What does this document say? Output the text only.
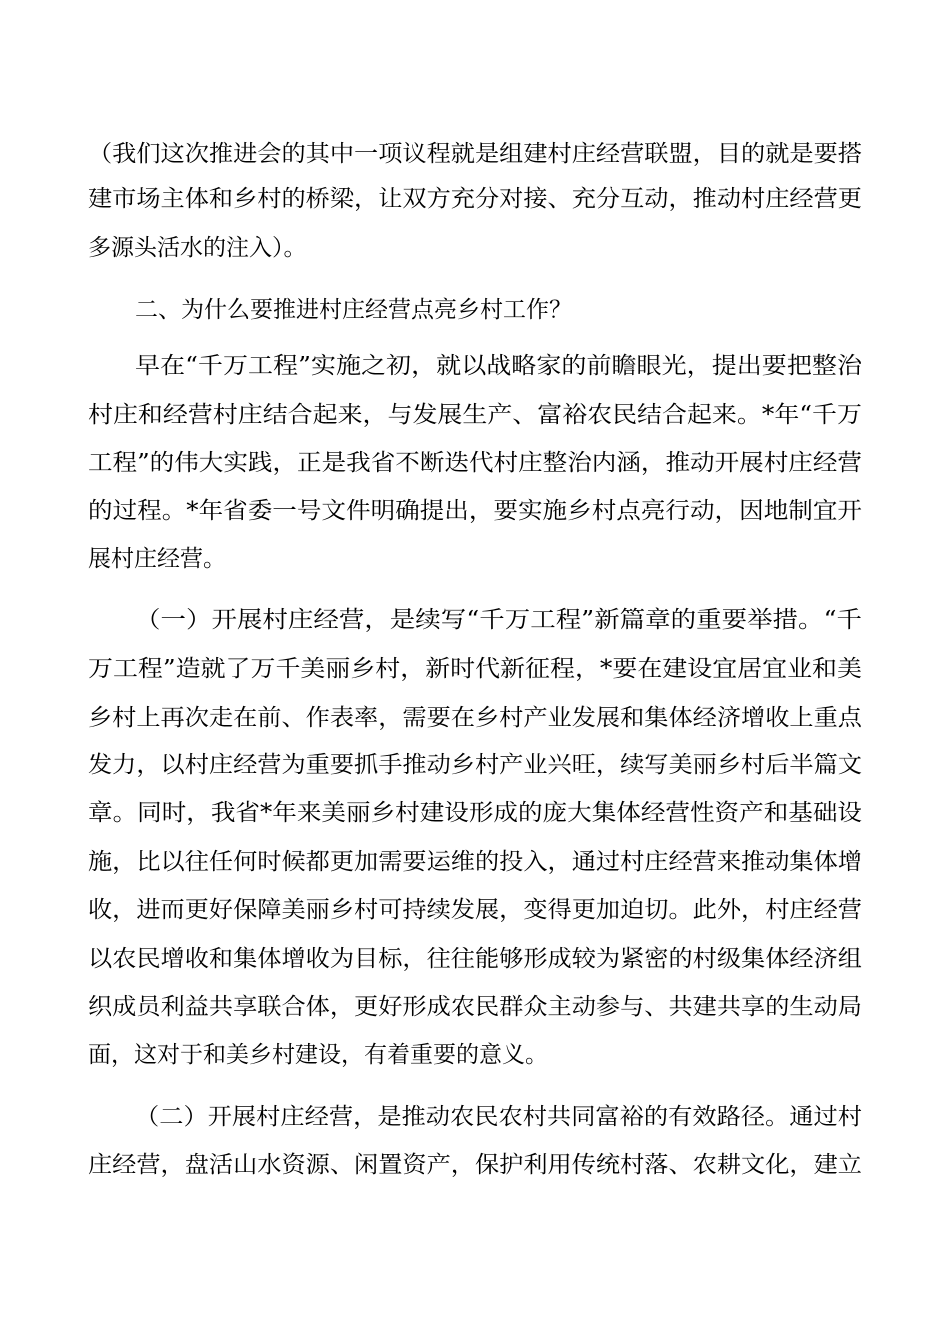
（我们这次推进会的其中一项议程就是组建村庄经营联盟，目的就是要搭
建市场主体和乡村的桥梁，让双方充分对接、充分互动，推动村庄经营更
多源头活水的注入）。
二、为什么要推进村庄经营点亮乡村工作？
早在“千万工程”实施之初，就以战略家的前瞻眼光，提出要把整治
村庄和经营村庄结合起来，与发展生产、富裕农民结合起来。*年“千万
工程”的伟大实践，正是我省不断迭代村庄整治内涵，推动开展村庄经营
的过程。*年省委一号文件明确提出，要实施乡村点亮行动，因地制宜开
展村庄经营。
（一）开展村庄经营，是续写“千万工程”新篇章的重要举措。“千
万工程”造就了万千美丽乡村，新时代新征程，*要在建设宜居宜业和美
乡村上再次走在前、作表率，需要在乡村产业发展和集体经济增收上重点
发力，以村庄经营为重要抓手推动乡村产业兴旺，续写美丽乡村后半篇文
章。同时，我省*年来美丽乡村建设形成的庞大集体经营性资产和基础设
施，比以往任何时候都更加需要运维的投入，通过村庄经营来推动集体增
收，进而更好保障美丽乡村可持续发展，变得更加迫切。此外，村庄经营
以农民增收和集体增收为目标，往往能够形成较为紧密的村级集体经济组
织成员利益共享联合体，更好形成农民群众主动参与、共建共享的生动局
面，这对于和美乡村建设，有着重要的意义。
（二）开展村庄经营，是推动农民农村共同富裕的有效路径。通过村
庄经营，盘活山水资源、闲置资产，保护利用传统村落、农耕文化，建立
